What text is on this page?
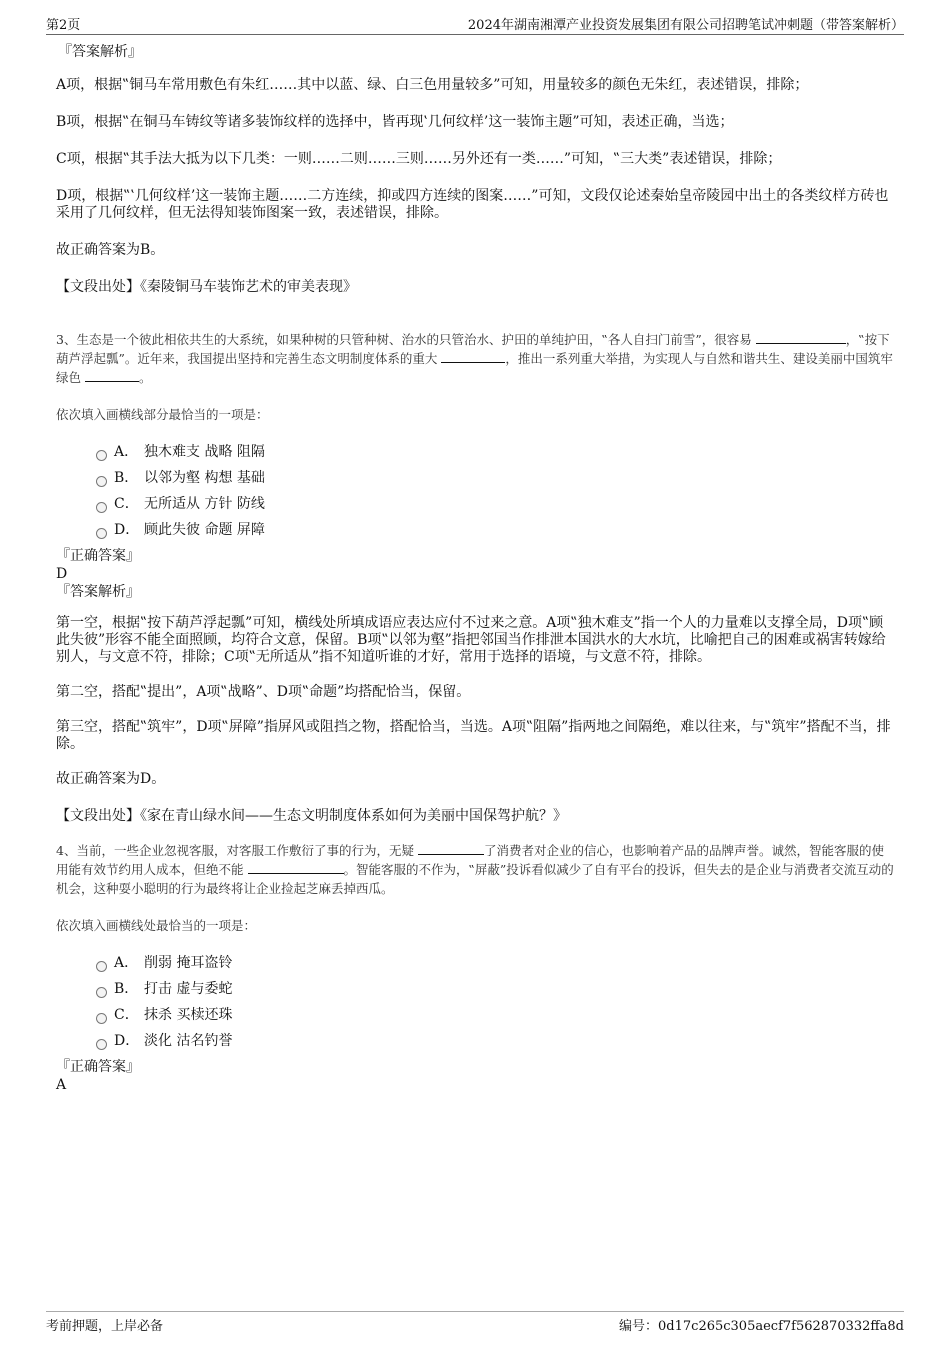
第2页	2024年湖南湘潭产业投资发展集团有限公司招聘笔试冲刺题（带答案解析）

『答案解析』

A项，根据‟铜马车常用敷色有朱红……其中以蓝、绿、白三色用量较多”可知，用量较多的颜色无朱红，表述错误，排除；

B项，根据‟在铜马车铸纹等诸多装饰纹样的选择中，皆再现‛几何纹样’这一装饰主题”可知，表述正确，当选；

C项，根据‟其手法大抵为以下几类：一则……二则……三则……另外还有一类……”可知，‟三大类”表述错误，排除；

D项，根据‟‛几何纹样’这一装饰主题……二方连续，抑或四方连续的图案……”可知，文段仅论述秦始皇帝陵园中出土的各类纹样方砖也采用了几何纹样，但无法得知装饰图案一致，表述错误，排除。

故正确答案为B。

【文段出处】《秦陵铜马车装饰艺术的审美表现》

3、生态是一个彼此相依共生的大系统，如果种树的只管种树、治水的只管治水、护田的单纯护田，‟各人自扫门前雪”，很容易	，‟按下葫芦浮起瓢”。近年来，我国提出坚持和完善生态文明制度体系的重大	，推出一系列重大举措，为实现人与自然和谐共生、建设美丽中国筑牢绿色	。

依次填入画横线部分最恰当的一项是：

A． 独木难支 战略 阻隔
B． 以邻为壑 构想 基础
C． 无所适从 方针 防线
D． 顾此失彼 命题 屏障

『正确答案』

D

『答案解析』

第一空，根据‟按下葫芦浮起瓢”可知，横线处所填成语应表达应付不过来之意。A项‟独木难支”指一个人的力量难以支撑全局，D项‟顾此失彼”形容不能全面照顾，均符合文意，保留。B项‟以邻为壑”指把邻国当作排泄本国洪水的大水坑，比喻把自己的困难或祸害转嫁给别人，与文意不符，排除；C项‟无所适从”指不知道听谁的才好，常用于选择的语境，与文意不符，排除。

第二空，搭配‟提出”，A项‟战略”、D项‟命题”均搭配恰当，保留。

第三空，搭配‟筑牢”，D项‟屏障”指屏风或阻挡之物，搭配恰当，当选。A项‟阻隔”指两地之间隔绝，难以往来，与‟筑牢”搭配不当，排除。

故正确答案为D。

【文段出处】《家在青山绿水间——生态文明制度体系如何为美丽中国保驾护航？》

4、当前，一些企业忽视客服，对客服工作敷衍了事的行为，无疑	了消费者对企业的信心，也影响着产品的品牌声誉。诚然，智能客服的使用能有效节约用人成本，但绝不能	。智能客服的不作为，‟屏蔽”投诉看似减少了自有平台的投诉，但失去的是企业与消费者交流互动的机会，这种耍小聪明的行为最终将让企业捡起芝麻丢掉西瓜。

依次填入画横线处最恰当的一项是：

A． 削弱 掩耳盗铃
B． 打击 虚与委蛇
C． 抹杀 买椟还珠
D． 淡化 沽名钓誉

『正确答案』

A

考前押题，上岸必备	编号：0d17c265c305aecf7f562870332ffa8d
